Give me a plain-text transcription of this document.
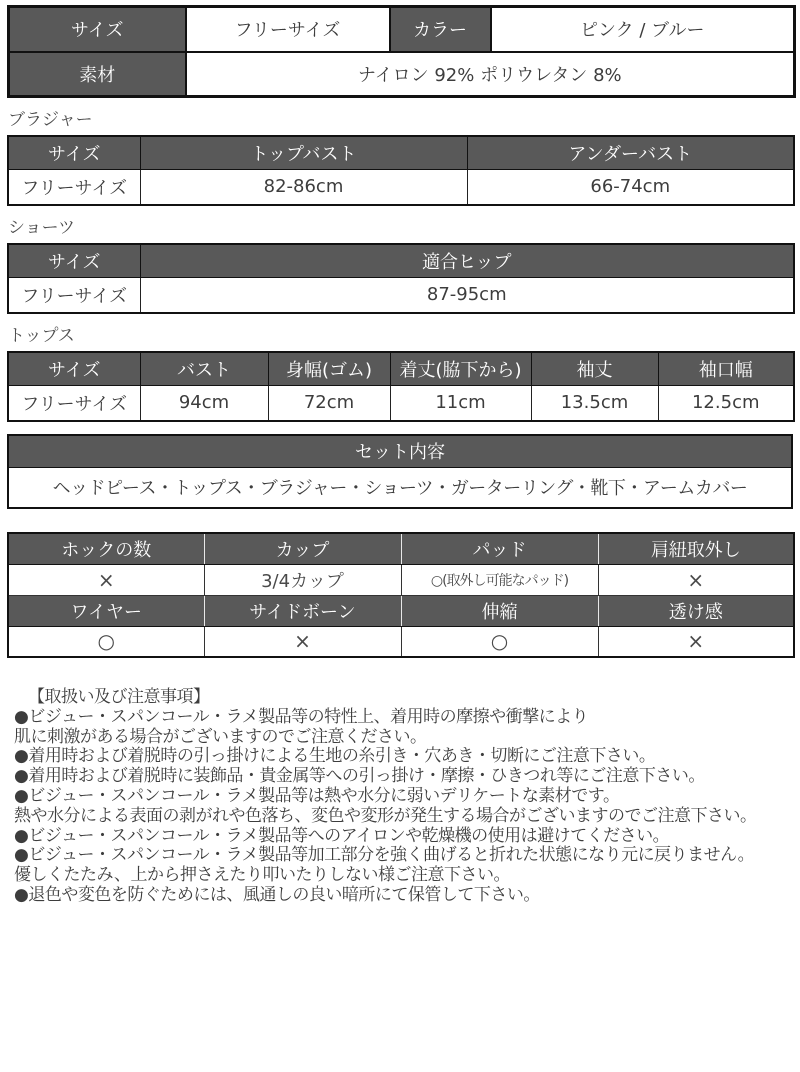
サイズ	フリーサイズ	カラー	ピンク / ブルー
素材	ナイロン 92% ポリウレタン 8%		
ブラジャー
サイズ	トップバスト	アンダーバスト
フリーサイズ	82-86cm	66-74cm
ショーツ
サイズ	適合ヒップ
フリーサイズ	87-95cm
トップス
サイズ	バスト	身幅(ゴム)	着丈(脇下から)	袖丈	袖口幅
フリーサイズ	94cm	72cm	11cm	13.5cm	12.5cm
セット内容
ヘッドピース・トップス・ブラジャー・ショーツ・ガーターリング・靴下・アームカバー
ホックの数	カップ	パッド	肩紐取外し
×	3/4カップ	○(取外し可能なパッド)	×
ワイヤー	サイドボーン	伸縮	透け感
○	×	○	×
【取扱い及び注意事項】
●ビジュー・スパンコール・ラメ製品等の特性上、着用時の摩擦や衝撃により
肌に刺激がある場合がございますのでご注意ください。
●着用時および着脱時の引っ掛けによる生地の糸引き・穴あき・切断にご注意下さい。
●着用時および着脱時に装飾品・貴金属等への引っ掛け・摩擦・ひきつれ等にご注意下さい。
●ビジュー・スパンコール・ラメ製品等は熱や水分に弱いデリケートな素材です。
熱や水分による表面の剥がれや色落ち、変色や変形が発生する場合がございますのでご注意下さい。
●ビジュー・スパンコール・ラメ製品等へのアイロンや乾燥機の使用は避けてください。
●ビジュー・スパンコール・ラメ製品等加工部分を強く曲げると折れた状態になり元に戻りません。
優しくたたみ、上から押さえたり叩いたりしない様ご注意下さい。
●退色や変色を防ぐためには、風通しの良い暗所にて保管して下さい。
